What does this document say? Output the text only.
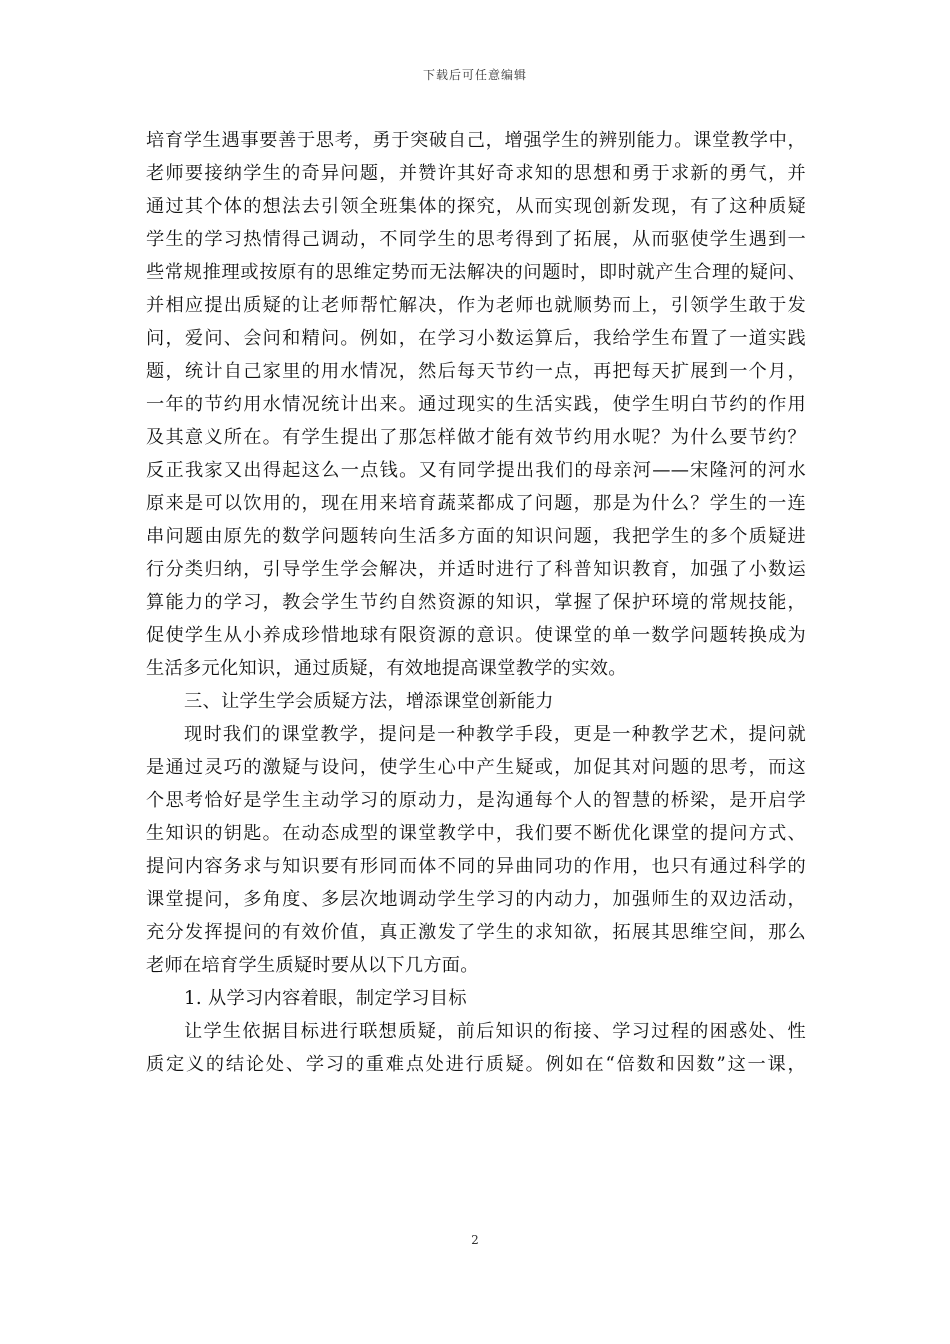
下载后可任意编辑

培育学生遇事要善于思考，勇于突破自己，增强学生的辨别能力。课堂教学中，
老师要接纳学生的奇异问题，并赞许其好奇求知的思想和勇于求新的勇气，并
通过其个体的想法去引领全班集体的探究，从而实现创新发现，有了这种质疑
学生的学习热情得己调动，不同学生的思考得到了拓展，从而驱使学生遇到一
些常规推理或按原有的思维定势而无法解决的问题时，即时就产生合理的疑问、
并相应提出质疑的让老师帮忙解决，作为老师也就顺势而上，引领学生敢于发
问，爱问、会问和精问。例如，在学习小数运算后，我给学生布置了一道实践
题，统计自己家里的用水情况，然后每天节约一点，再把每天扩展到一个月，
一年的节约用水情况统计出来。通过现实的生活实践，使学生明白节约的作用
及其意义所在。有学生提出了那怎样做才能有效节约用水呢？为什么要节约？
反正我家又出得起这么一点钱。又有同学提出我们的母亲河——宋隆河的河水
原来是可以饮用的，现在用来培育蔬菜都成了问题，那是为什么？学生的一连
串问题由原先的数学问题转向生活多方面的知识问题，我把学生的多个质疑进
行分类归纳，引导学生学会解决，并适时进行了科普知识教育，加强了小数运
算能力的学习，教会学生节约自然资源的知识，掌握了保护环境的常规技能，
促使学生从小养成珍惜地球有限资源的意识。使课堂的单一数学问题转换成为
生活多元化知识，通过质疑，有效地提高课堂教学的实效。

三、让学生学会质疑方法，增添课堂创新能力

现时我们的课堂教学，提问是一种教学手段，更是一种教学艺术，提问就
是通过灵巧的激疑与设问，使学生心中产生疑或，加促其对问题的思考，而这
个思考恰好是学生主动学习的原动力，是沟通每个人的智慧的桥梁，是开启学
生知识的钥匙。在动态成型的课堂教学中，我们要不断优化课堂的提问方式、
提问内容务求与知识要有形同而体不同的异曲同功的作用，也只有通过科学的
课堂提问，多角度、多层次地调动学生学习的内动力，加强师生的双边活动，
充分发挥提问的有效价值，真正激发了学生的求知欲，拓展其思维空间，那么
老师在培育学生质疑时要从以下几方面。

1. 从学习内容着眼，制定学习目标

让学生依据目标进行联想质疑，前后知识的衔接、学习过程的困惑处、性
质定义的结论处、学习的重难点处进行质疑。例如在“倍数和因数”这一课，

2
